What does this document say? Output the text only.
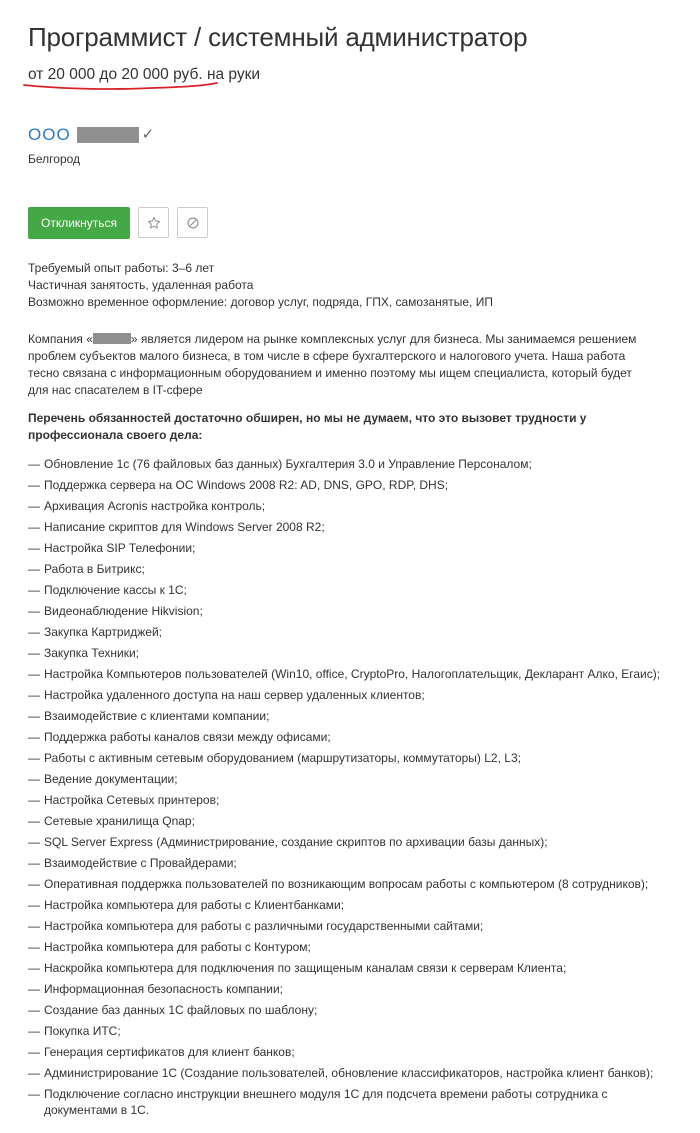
Программист / системный администратор
от 20 000 до 20 000 руб. на руки
ООО	✓
Белгород
Откликнуться
Требуемый опыт работы: 3–6 лет
Частичная занятость, удаленная работа
Возможно временное оформление: договор услуг, подряда, ГПХ, самозанятые, ИП
Компания «	» является лидером на рынке комплексных услуг для бизнеса. Мы занимаемся решением проблем субъектов малого бизнеса, в том числе в сфере бухгалтерского и налогового учета. Наша работа тесно связана с информационным оборудованием и именно поэтому мы ищем специалиста, который будет для нас спасателем в IT-сфере
Перечень обязанностей достаточно обширен, но мы не думаем, что это вызовет трудности у профессионала своего дела:
— Обновление 1с (76 файловых баз данных) Бухгалтерия 3.0 и Управление Персоналом;
— Поддержка сервера на ОС Windows 2008 R2: AD, DNS, GPO, RDP, DHS;
— Архивация Acronis настройка контроль;
— Написание скриптов для Windows Server 2008 R2;
— Настройка SIP Телефонии;
— Работа в Битрикс;
— Подключение кассы к 1С;
— Видеонаблюдение Hikvision;
— Закупка Картриджей;
— Закупка Техники;
— Настройка Компьютеров пользователей (Win10, office, CryptoPro, Налогоплательщик, Декларант Алко, Егаис);
— Настройка удаленного доступа на наш сервер удаленных клиентов;
— Взаимодействие с клиентами компании;
— Поддержка работы каналов связи между офисами;
— Работы с активным сетевым оборудованием (маршрутизаторы, коммутаторы) L2, L3;
— Ведение документации;
— Настройка Сетевых принтеров;
— Сетевые хранилища Qnap;
— SQL Server Express (Администрирование, создание скриптов по архивации базы данных);
— Взаимодействие с Провайдерами;
— Оперативная поддержка пользователей по возникающим вопросам работы с компьютером (8 сотрудников);
— Настройка компьютера для работы с Клиентбанками;
— Настройка компьютера для работы с различными государственными сайтами;
— Настройка компьютера для работы с Контуром;
— Наскройка компьютера для подключения по защищеным каналам связи к серверам Клиента;
— Информационная безопасность компании;
— Создание баз данных 1С файловых по шаблону;
— Покупка ИТС;
— Генерация сертификатов для клиент банков;
— Администрирование 1С (Создание пользователей, обновление классификаторов, настройка клиент банков);
— Подключение согласно инструкции внешнего модуля 1С для подсчета времени работы сотрудника с документами в 1С.
